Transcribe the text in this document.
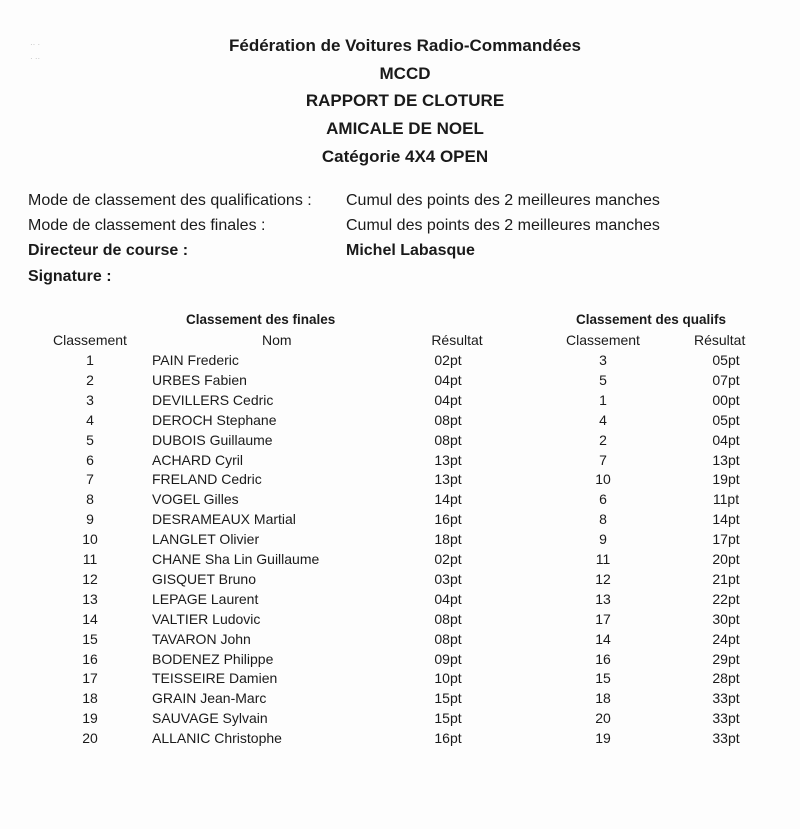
·· ·
· ··
Fédération de Voitures Radio-Commandées
MCCD
RAPPORT DE CLOTURE
AMICALE DE NOEL
Catégorie 4X4 OPEN
Mode de classement des qualifications : Cumul des points des 2 meilleures manches
Mode de classement des finales :	Cumul des points des 2 meilleures manches
Directeur de course :	Michel Labasque
Signature :
Classement des finales	Classement des qualifs
Classement	Nom	Résultat	Classement	Résultat
1	PAIN Frederic	02pt	3	05pt
2	URBES Fabien	04pt	5	07pt
3	DEVILLERS Cedric	04pt	1	00pt
4	DEROCH Stephane	08pt	4	05pt
5	DUBOIS Guillaume	08pt	2	04pt
6	ACHARD Cyril	13pt	7	13pt
7	FRELAND Cedric	13pt	10	19pt
8	VOGEL Gilles	14pt	6	11pt
9	DESRAMEAUX Martial	16pt	8	14pt
10	LANGLET Olivier	18pt	9	17pt
11	CHANE Sha Lin Guillaume	02pt	11	20pt
12	GISQUET Bruno	03pt	12	21pt
13	LEPAGE Laurent	04pt	13	22pt
14	VALTIER Ludovic	08pt	17	30pt
15	TAVARON John	08pt	14	24pt
16	BODENEZ Philippe	09pt	16	29pt
17	TEISSEIRE Damien	10pt	15	28pt
18	GRAIN Jean-Marc	15pt	18	33pt
19	SAUVAGE Sylvain	15pt	20	33pt
20	ALLANIC Christophe	16pt	19	33pt
